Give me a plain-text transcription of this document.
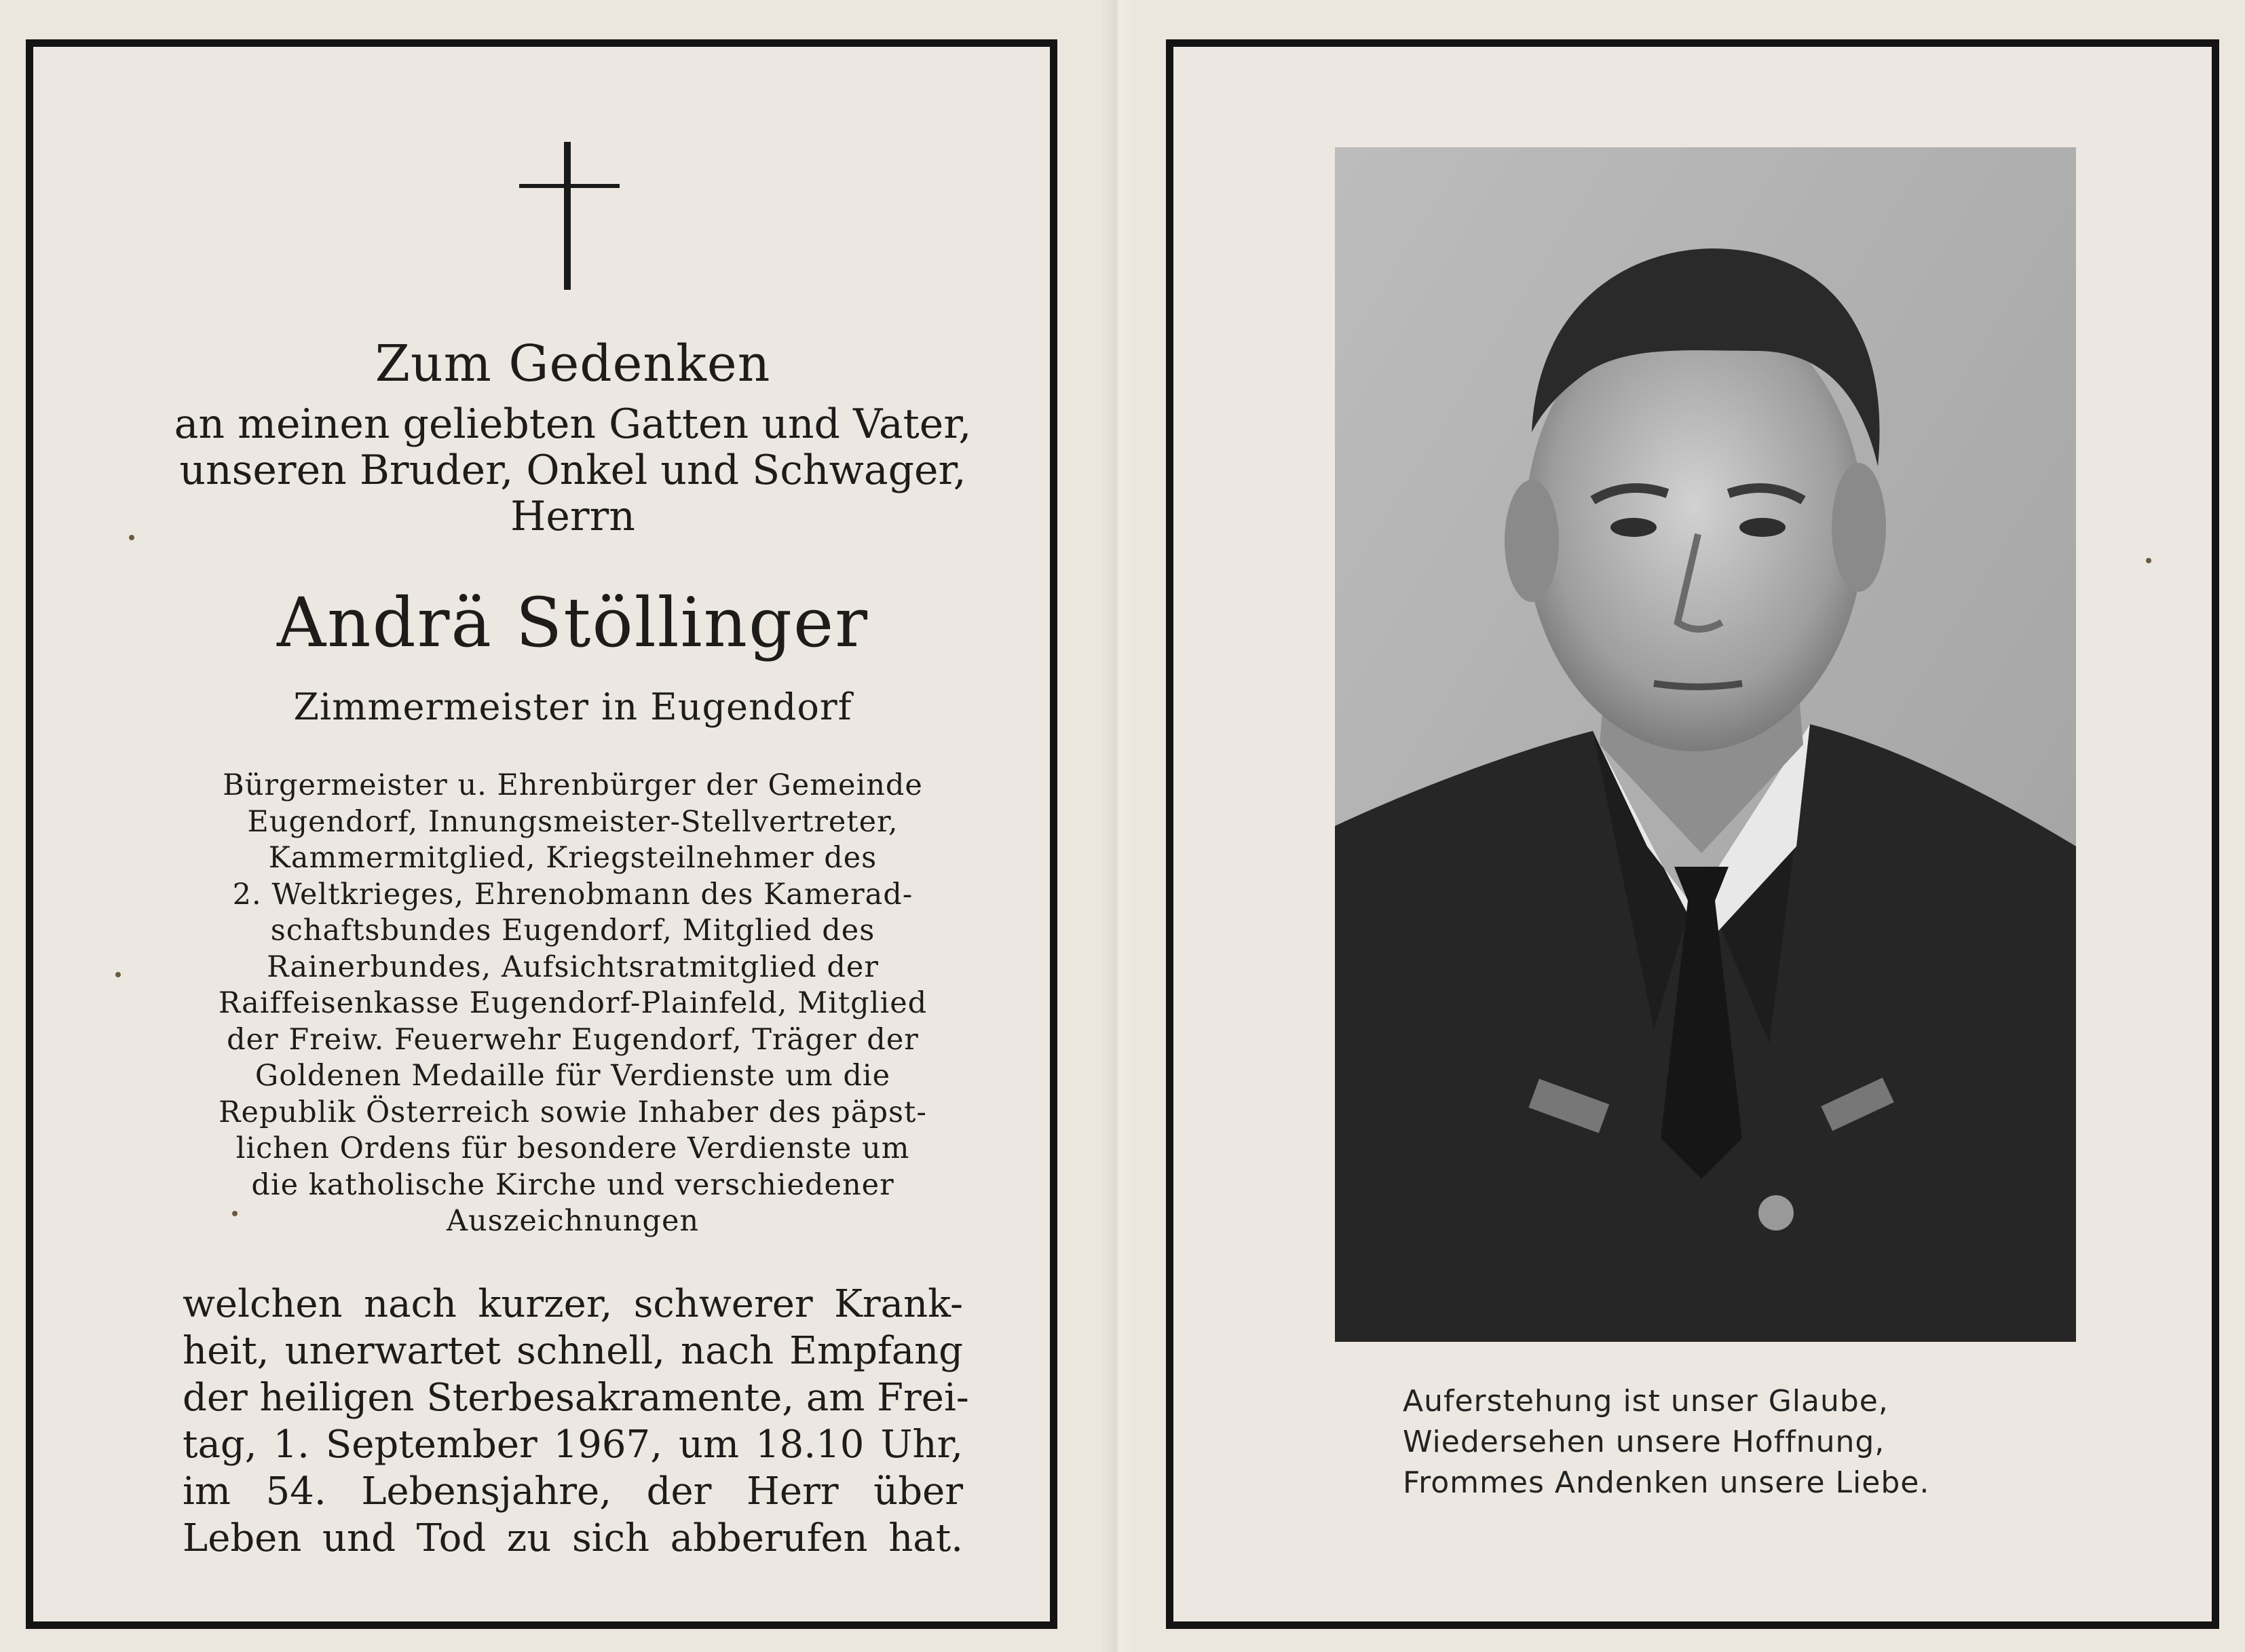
Zum Gedenken
an meinen geliebten Gatten und Vater,
unseren Bruder, Onkel und Schwager,
Herrn
Andrä Stöllinger
Zimmermeister in Eugendorf
Bürgermeister u. Ehrenbürger der Gemeinde
Eugendorf, Innungsmeister-Stellvertreter,
Kammermitglied, Kriegsteilnehmer des
2. Weltkrieges, Ehrenobmann des Kamerad-
schaftsbundes Eugendorf, Mitglied des
Rainerbundes, Aufsichtsratmitglied der
Raiffeisenkasse Eugendorf-Plainfeld, Mitglied
der Freiw. Feuerwehr Eugendorf, Träger der
Goldenen Medaille für Verdienste um die
Republik Österreich sowie Inhaber des päpst-
lichen Ordens für besondere Verdienste um
die katholische Kirche und verschiedener
Auszeichnungen
welchen nach kurzer, schwerer Krank-
heit, unerwartet schnell, nach Empfang
der heiligen Sterbesakramente, am Frei-
tag, 1. September 1967, um 18.10 Uhr,
im 54. Lebensjahre, der Herr über
Leben und Tod zu sich abberufen hat.
Auferstehung ist unser Glaube,
Wiedersehen unsere Hoffnung,
Frommes Andenken unsere Liebe.
